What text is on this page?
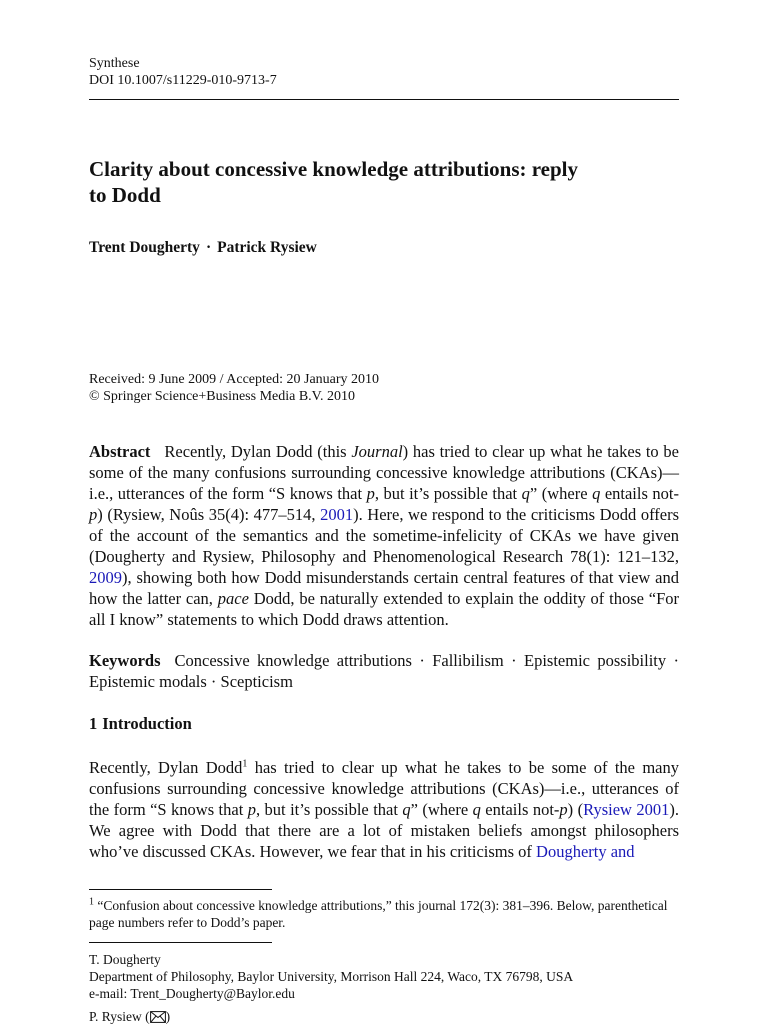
Synthese
DOI 10.1007/s11229-010-9713-7
Clarity about concessive knowledge attributions: reply
to Dodd
Trent Dougherty · Patrick Rysiew
Received: 9 June 2009 / Accepted: 20 January 2010
© Springer Science+Business Media B.V. 2010

Abstract Recently, Dylan Dodd (this Journal) has tried to clear up what he takes to be some of the many confusions surrounding concessive knowledge attributions (CKAs)—i.e., utterances of the form “S knows that p, but it’s possible that q” (where q entails not-p) (Rysiew, Noûs 35(4): 477–514, 2001). Here, we respond to the criticisms Dodd offers of the account of the semantics and the sometime-infelicity of CKAs we have given (Dougherty and Rysiew, Philosophy and Phenomenological Research 78(1): 121–132, 2009), showing both how Dodd misunderstands certain central features of that view and how the latter can, pace Dodd, be naturally extended to explain the oddity of those “For all I know” statements to which Dodd draws attention.

Keywords Concessive knowledge attributions · Fallibilism · Epistemic possibility · Epistemic modals · Scepticism

1 Introduction

Recently, Dylan Dodd$^1$ has tried to clear up what he takes to be some of the many confusions surrounding concessive knowledge attributions (CKAs)—i.e., utterances of the form “S knows that p, but it’s possible that q” (where q entails not-p) (Rysiew 2001). We agree with Dodd that there are a lot of mistaken beliefs amongst philosophers who’ve discussed CKAs. However, we fear that in his criticisms of Dougherty and

$^1$ “Confusion about concessive knowledge attributions,” this journal 172(3): 381–396. Below, parenthetical page numbers refer to Dodd’s paper.

T. Dougherty
Department of Philosophy, Baylor University, Morrison Hall 224, Waco, TX 76798, USA
e-mail: Trent_Dougherty@Baylor.edu
P. Rysiew ( )
